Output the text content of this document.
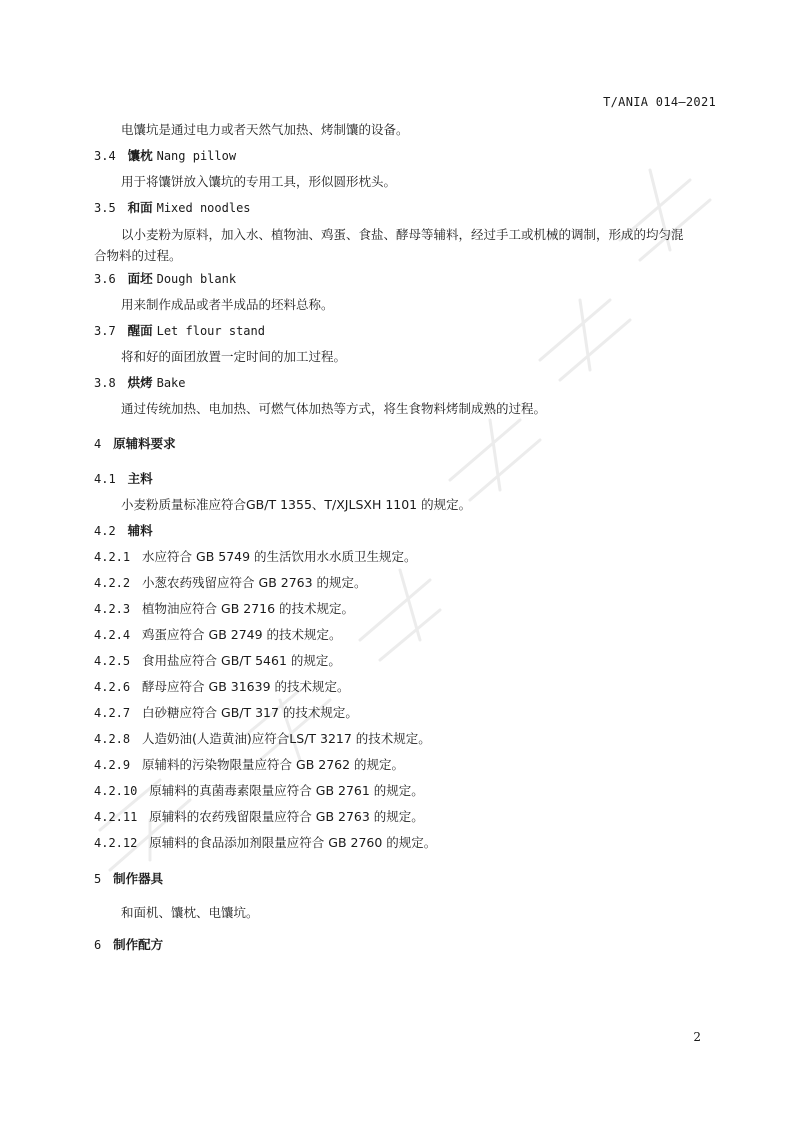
T/ANIA 014—2021
电馕坑是通过电力或者天然气加热、烤制馕的设备。
3.4 馕枕 Nang pillow
用于将馕饼放入馕坑的专用工具，形似圆形枕头。
3.5 和面 Mixed noodles
以小麦粉为原料，加入水、植物油、鸡蛋、食盐、酵母等辅料，经过手工或机械的调制，形成的均匀混合物料的过程。
3.6 面坯 Dough blank
用来制作成品或者半成品的坯料总称。
3.7 醒面 Let flour stand
将和好的面团放置一定时间的加工过程。
3.8 烘烤 Bake
通过传统加热、电加热、可燃气体加热等方式，将生食物料烤制成熟的过程。
4 原辅料要求
4.1 主料
小麦粉质量标准应符合GB/T 1355、T/XJLSXH 1101 的规定。
4.2 辅料
4.2.1 水应符合 GB 5749 的生活饮用水水质卫生规定。
4.2.2 小葱农药残留应符合 GB 2763 的规定。
4.2.3 植物油应符合 GB 2716 的技术规定。
4.2.4 鸡蛋应符合 GB 2749 的技术规定。
4.2.5 食用盐应符合 GB/T 5461 的规定。
4.2.6 酵母应符合 GB 31639 的技术规定。
4.2.7 白砂糖应符合 GB/T 317 的技术规定。
4.2.8 人造奶油(人造黄油)应符合LS/T 3217 的技术规定。
4.2.9 原辅料的污染物限量应符合 GB 2762 的规定。
4.2.10 原辅料的真菌毒素限量应符合 GB 2761 的规定。
4.2.11 原辅料的农药残留限量应符合 GB 2763 的规定。
4.2.12 原辅料的食品添加剂限量应符合 GB 2760 的规定。
5 制作器具
和面机、馕枕、电馕坑。
6 制作配方
2
